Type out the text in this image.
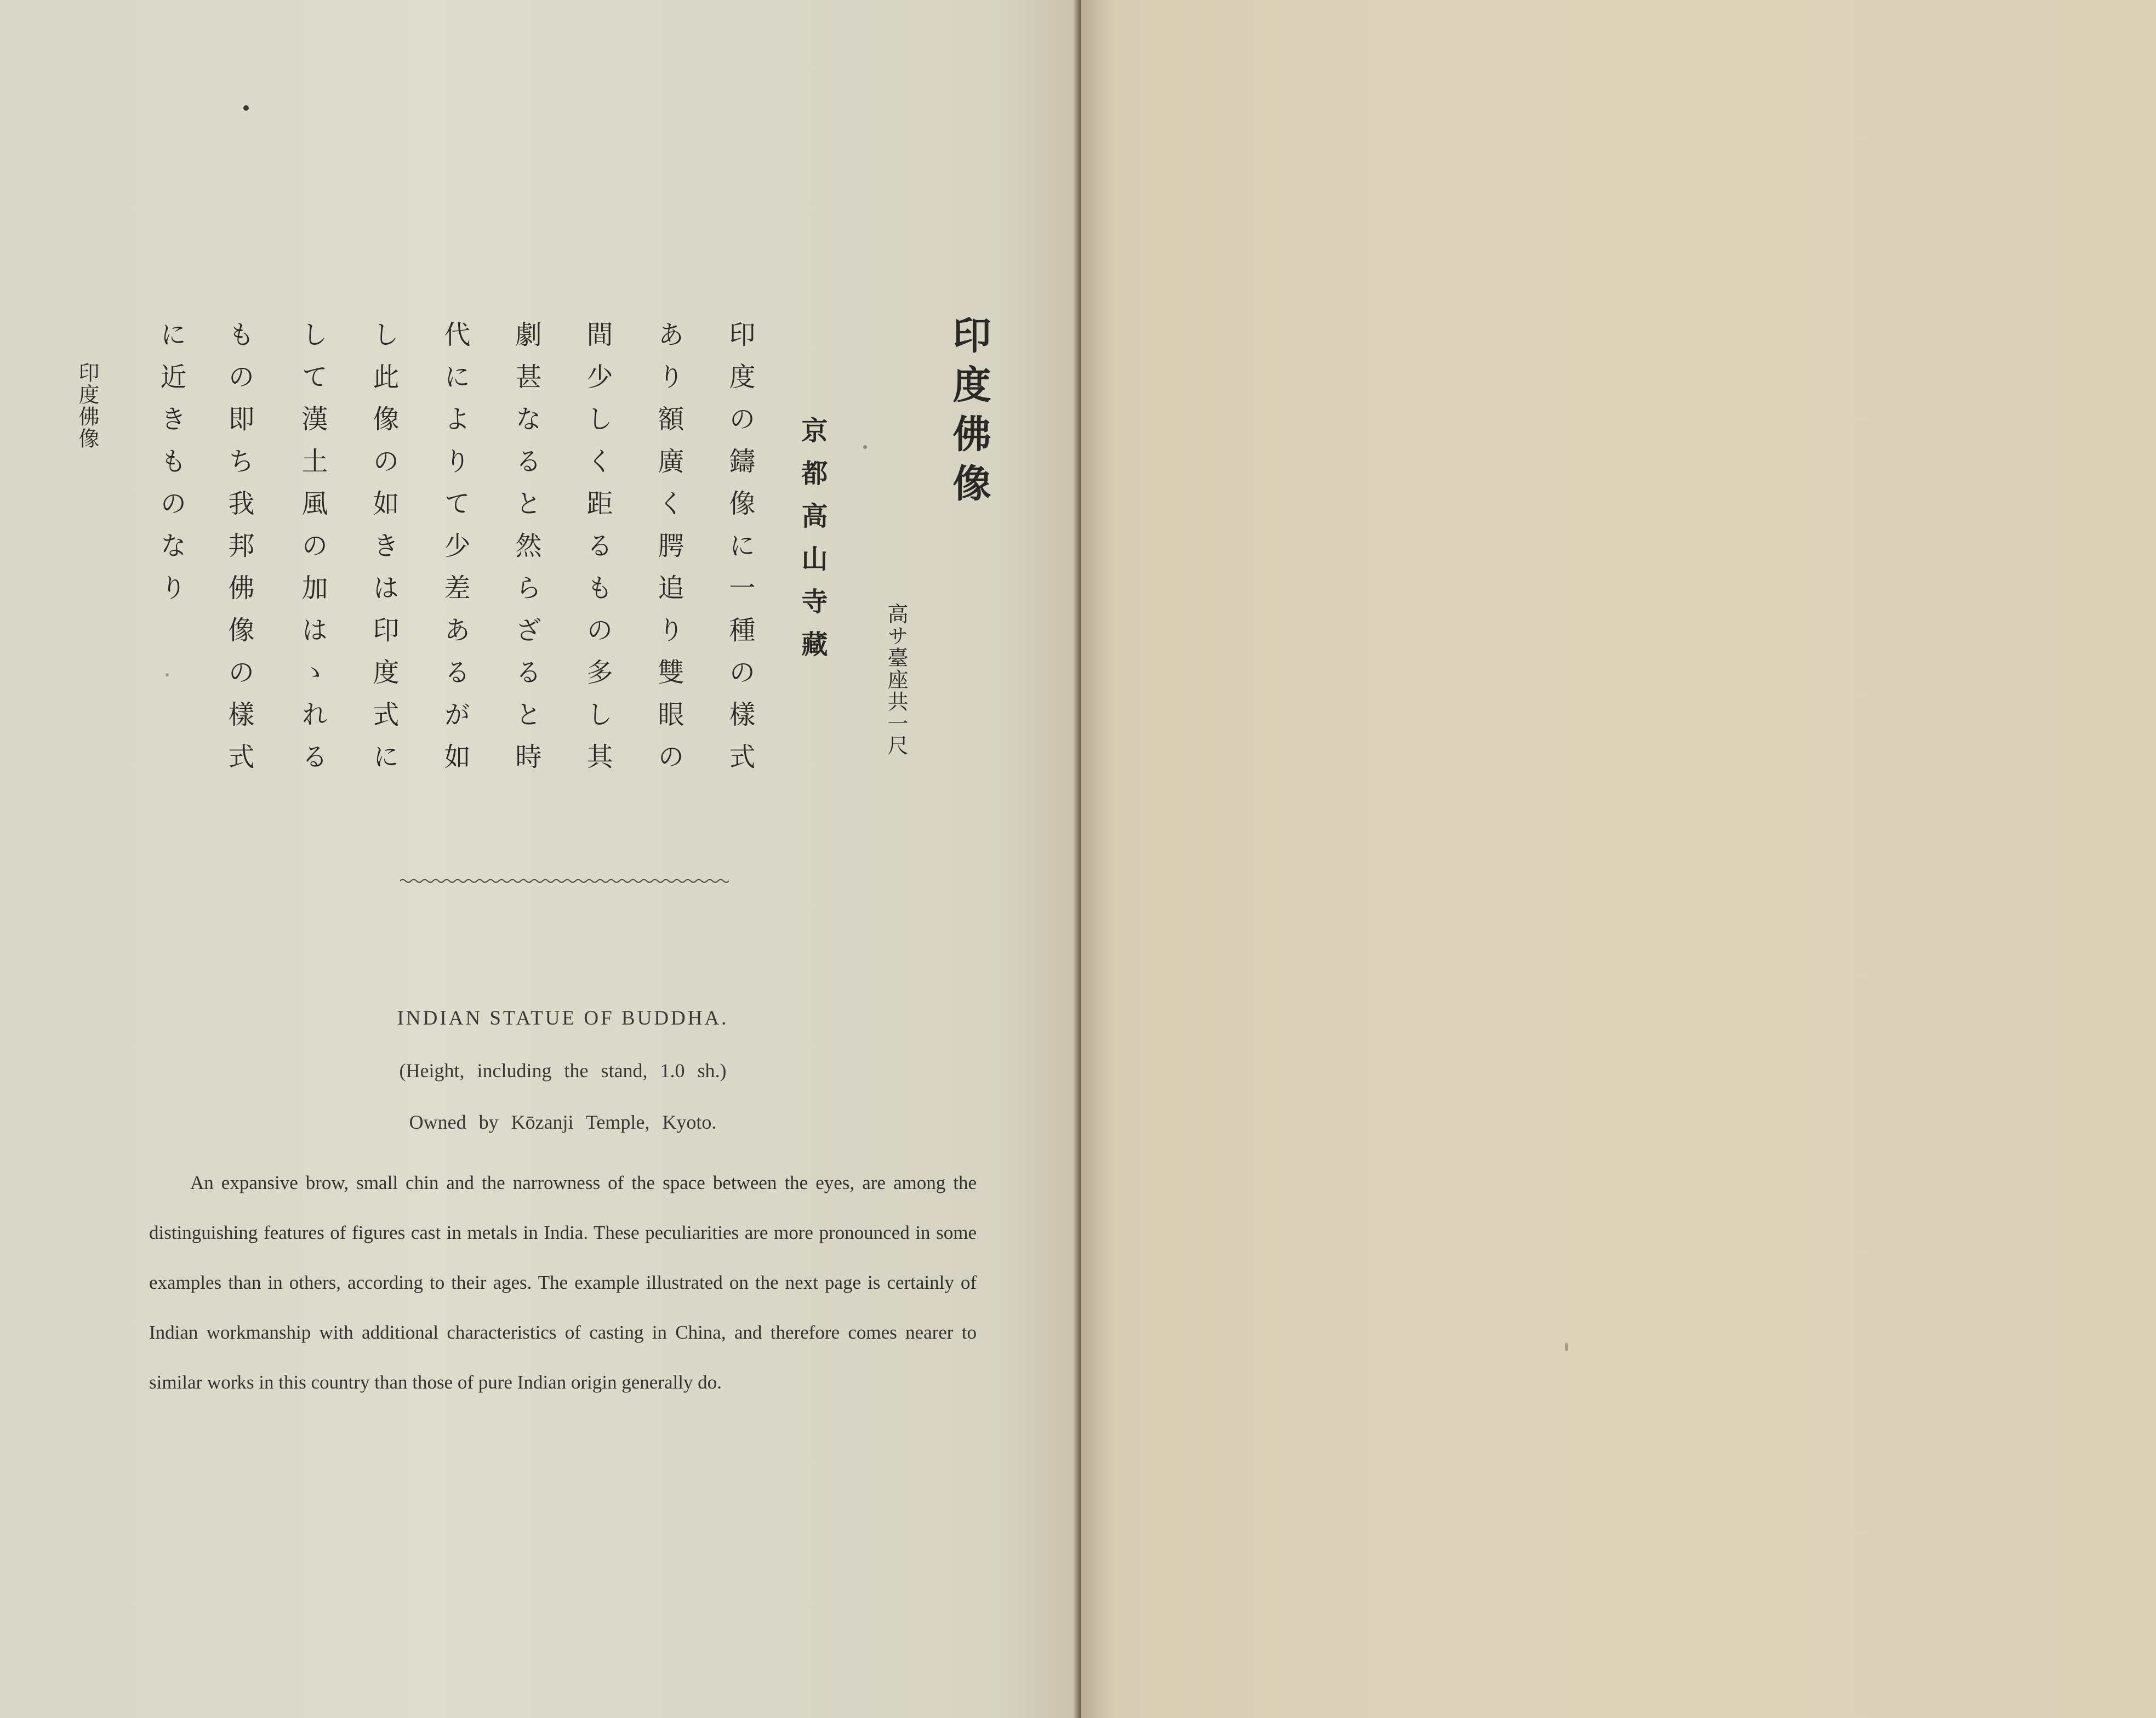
印度佛像	印度佛像
高サ臺座共一尺
京都高山寺藏
印度の鑄像に一種の樣式
あり額廣く腭追り雙眼の
間少しく距るもの多し其
劇甚なると然らざると時
代によりて少差あるが如
し此像の如きは印度式に
して漢土風の加はゝれる
もの即ち我邦佛像の樣式
に近きものなり
INDIAN STATUE OF BUDDHA.
(Height, including the stand, 1.0 sh.)
Owned by Kōzanji Temple, Kyoto.

An expansive brow, small chin and the narrowness of the space between the eyes, are among the distinguishing features of figures cast in metals in India. These peculiarities are more pronounced in some examples than in others, according to their ages. The example illustrated on the next page is certainly of Indian workmanship with additional characteristics of casting in China, and therefore comes nearer to similar works in this country than those of pure Indian origin generally do.
